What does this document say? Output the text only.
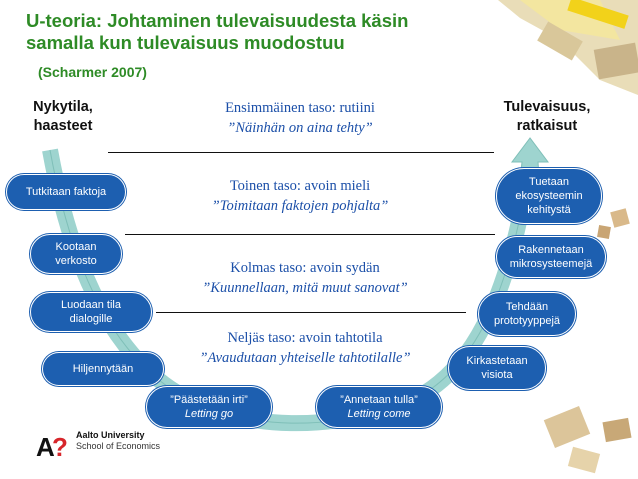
A
?
U-teoria: Johtaminen tulevaisuudesta käsin
samalla kun tulevaisuus muodostuu
(Scharmer 2007)
Nykytila,
haasteet
Tulevaisuus,
ratkaisut
Ensimmäinen taso: rutiini
”Näinhän on aina tehty”
Toinen taso: avoin mieli
”Toimitaan faktojen pohjalta”
Kolmas taso: avoin sydän
”Kuunnellaan, mitä muut sanovat”
Neljäs taso: avoin tahtotila
”Avaudutaan yhteiselle tahtotilalle”
Tutkitaan faktoja
Kootaan verkosto
Luodaan tila dialogille
Hiljennytään
Tuetaan ekosysteemin kehitystä
Rakennetaan mikrosysteemejä
Tehdään prototyyppejä
Kirkastetaan visiota
”Päästetään irti”
Letting go
”Annetaan tulla”
Letting come
Aalto University
School of Economics
